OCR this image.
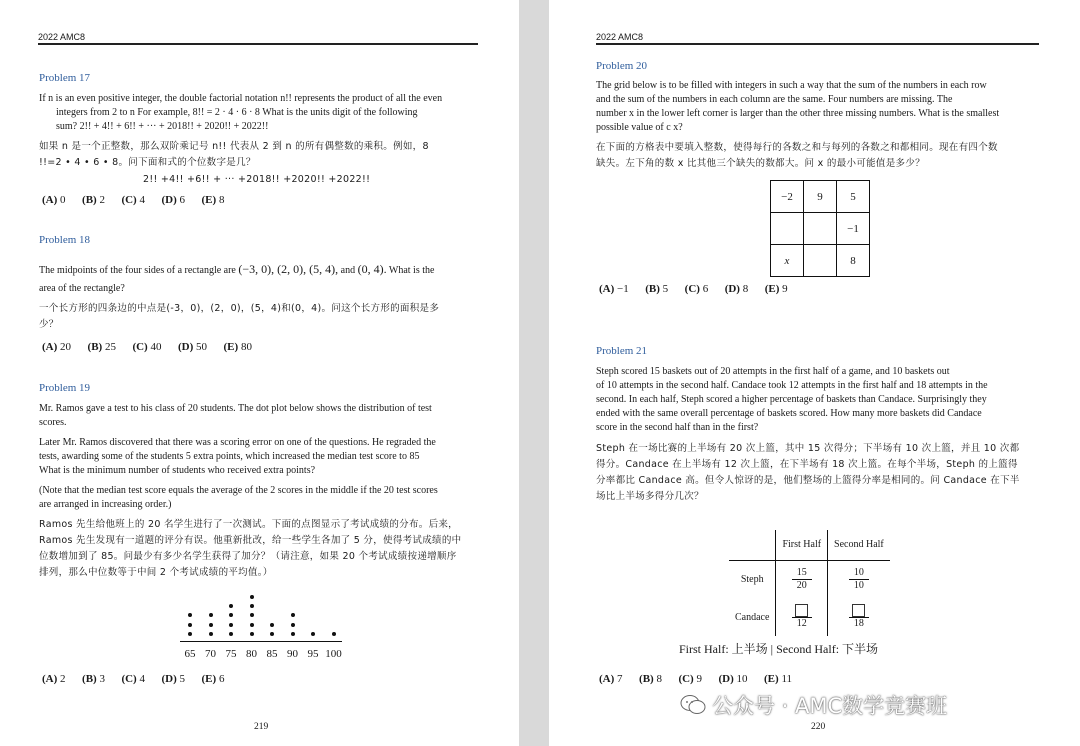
2022 AMC8
Problem 17
If n is an even positive integer, the double factorial notation n!! represents the product of all the even
integers from 2 to n For example, 8!! = 2 · 4 · 6 · 8 What is the units digit of the following
sum? 2!! + 4!! + 6!! + ··· + 2018!! + 2020!! + 2022!!
如果 n 是一个正整数，那么双阶乘记号 n!! 代表从 2 到 n 的所有偶整数的乘积。例如，8
!!=2 • 4 • 6 • 8。问下面和式的个位数字是几？
2!! +4!! +6!! + ··· +2018!! +2020!! +2022!!
(A) 0 (B) 2 (C) 4 (D) 6 (E) 8
Problem 18
The midpoints of the four sides of a rectangle are (−3, 0), (2, 0), (5, 4), and (0, 4). What is the
area of the rectangle?
一个长方形的四条边的中点是(-3，0)，(2，0)，(5，4)和(0，4)。问这个长方形的面积是多
少？
(A) 20 (B) 25 (C) 40 (D) 50 (E) 80
Problem 19
Mr. Ramos gave a test to his class of 20 students. The dot plot below shows the distribution of test
scores.
Later Mr. Ramos discovered that there was a scoring error on one of the questions. He regraded the
tests, awarding some of the students 5 extra points, which increased the median test score to 85
What is the minimum number of students who received extra points?
(Note that the median test score equals the average of the 2 scores in the middle if the 20 test scores
are arranged in increasing order.)
Ramos 先生给他班上的 20 名学生进行了一次测试。下面的点图显示了考试成绩的分布。后来，
Ramos 先生发现有一道题的评分有误。他重新批改，给一些学生各加了 5 分，使得考试成绩的中
位数增加到了 85。问最少有多少名学生获得了加分？（请注意，如果 20 个考试成绩按递增顺序
排列，那么中位数等于中间 2 个考试成绩的平均值。）
65 70 75 80 85 90 95 100
(A) 2 (B) 3 (C) 4 (D) 5 (E) 6
219
2022 AMC8
Problem 20
The grid below is to be filled with integers in such a way that the sum of the numbers in each row
and the sum of the numbers in each column are the same. Four numbers are missing. The
number x in the lower left corner is larger than the other three missing numbers. What is the smallest
possible value of c x?
在下面的方格表中要填入整数，使得每行的各数之和与每列的各数之和都相同。现在有四个数
缺失。左下角的数 x 比其他三个缺失的数都大。问 x 的最小可能值是多少？
−2	9	5
		−1
x		8
(A) −1 (B) 5 (C) 6 (D) 8 (E) 9
Problem 21
Steph scored 15 baskets out of 20 attempts in the first half of a game, and 10 baskets out
of 10 attempts in the second half. Candace took 12 attempts in the first half and 18 attempts in the
second. In each half, Steph scored a higher percentage of baskets than Candace. Surprisingly they
ended with the same overall percentage of baskets scored. How many more baskets did Candace
score in the second half than in the first?
Steph 在一场比赛的上半场有 20 次上篮，其中 15 次得分；下半场有 10 次上篮，并且 10 次都
得分。Candace 在上半场有 12 次上篮，在下半场有 18 次上篮。在每个半场，Steph 的上篮得
分率都比 Candace 高。但令人惊讶的是，他们整场的上篮得分率是相同的。问 Candace 在下半
场比上半场多得分几次？
	First Half	Second Half
Steph	$\frac{15}{20}$	$\frac{10}{10}$

Candace	12	18
First Half: 上半场 | Second Half: 下半场
(A) 7 (B) 8 (C) 9 (D) 10 (E) 11
220
公众号 · AMC数学竞赛班
